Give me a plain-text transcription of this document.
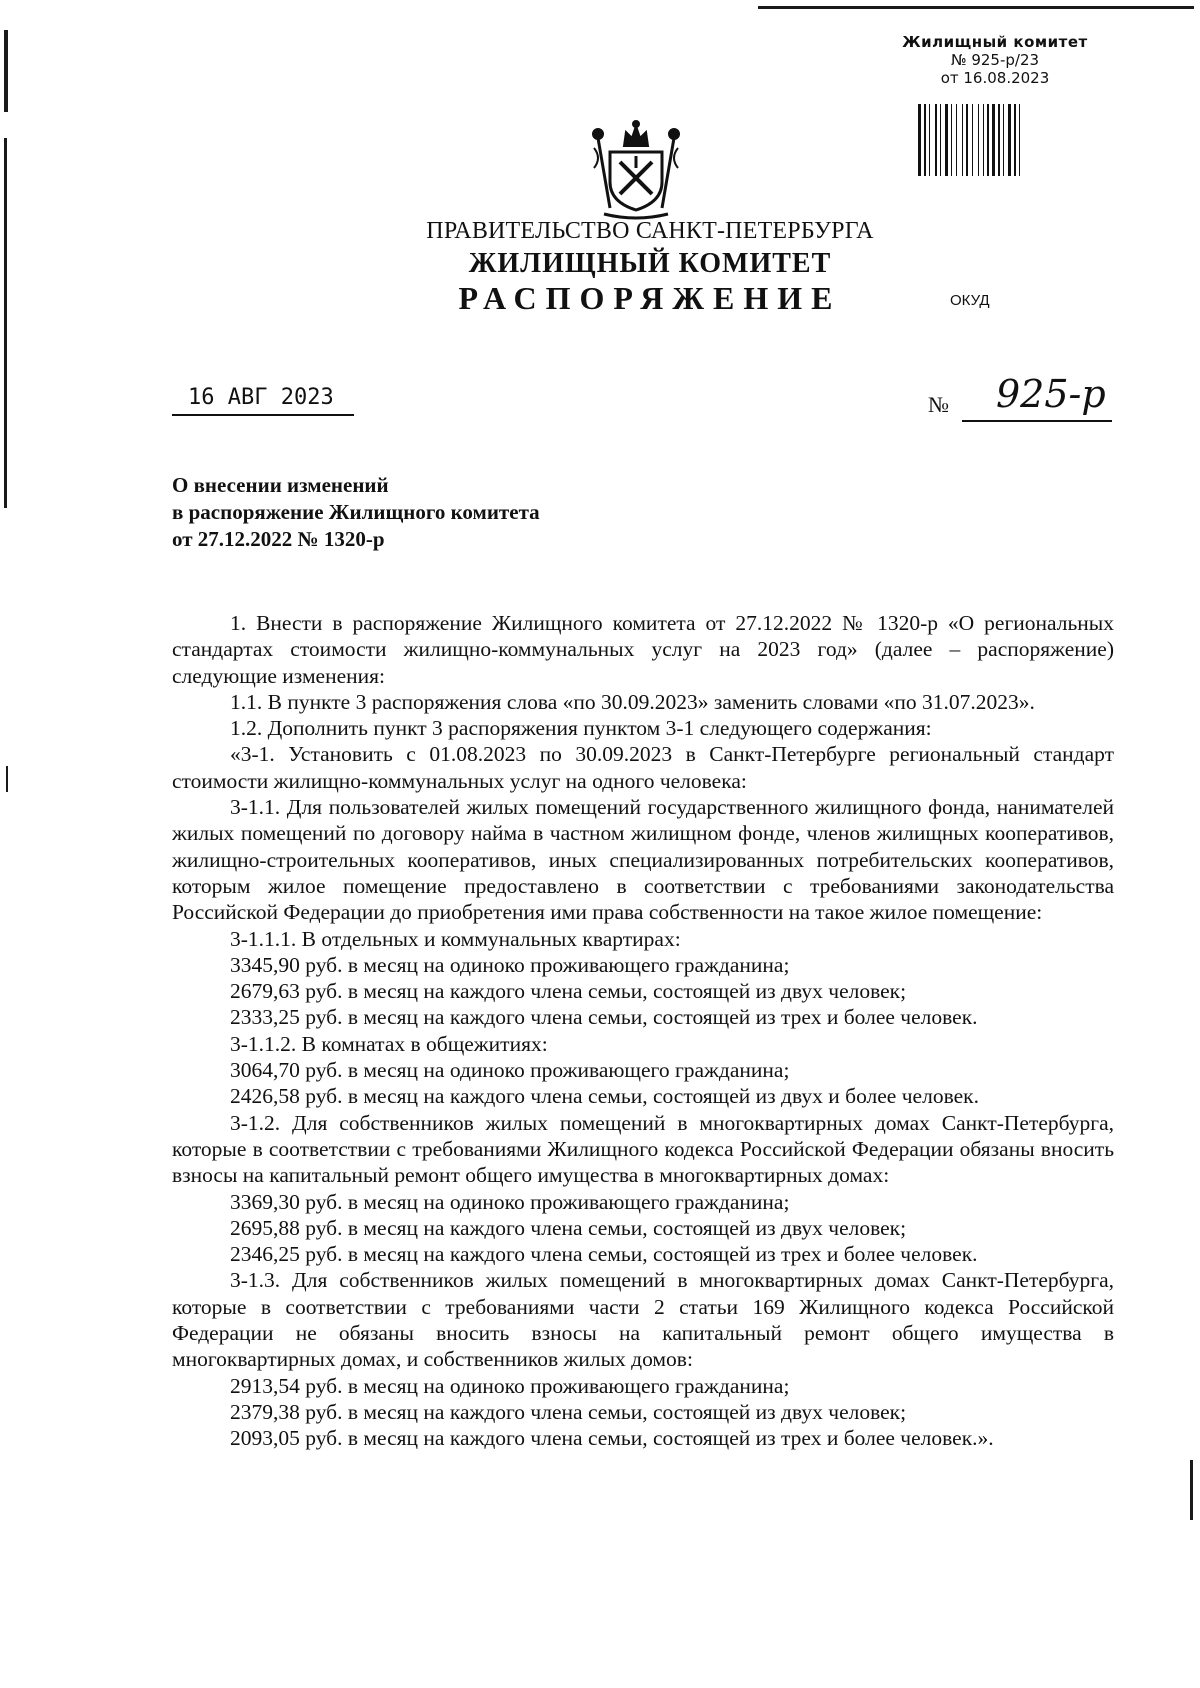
Жилищный комитет
№ 925-р/23
от 16.08.2023
ПРАВИТЕЛЬСТВО САНКТ-ПЕТЕРБУРГА
ЖИЛИЩНЫЙ КОМИТЕТ
РАСПОРЯЖЕНИЕ	ОКУД
16 АВГ 2023	№ 925-р
О внесении изменений
в распоряжение Жилищного комитета
от 27.12.2022 № 1320-р

1. Внести в распоряжение Жилищного комитета от 27.12.2022 № 1320-р «О региональных стандартах стоимости жилищно-коммунальных услуг на 2023 год» (далее – распоряжение) следующие изменения:

1.1. В пункте 3 распоряжения слова «по 30.09.2023» заменить словами «по 31.07.2023».

1.2. Дополнить пункт 3 распоряжения пунктом 3-1 следующего содержания:

«3-1. Установить с 01.08.2023 по 30.09.2023 в Санкт-Петербурге региональный стандарт стоимости жилищно-коммунальных услуг на одного человека:

3-1.1. Для пользователей жилых помещений государственного жилищного фонда, нанимателей жилых помещений по договору найма в частном жилищном фонде, членов жилищных кооперативов, жилищно-строительных кооперативов, иных специализированных потребительских кооперативов, которым жилое помещение предоставлено в соответствии с требованиями законодательства Российской Федерации до приобретения ими права собственности на такое жилое помещение:

3-1.1.1. В отдельных и коммунальных квартирах:

3345,90 руб. в месяц на одиноко проживающего гражданина;

2679,63 руб. в месяц на каждого члена семьи, состоящей из двух человек;

2333,25 руб. в месяц на каждого члена семьи, состоящей из трех и более человек.

3-1.1.2. В комнатах в общежитиях:

3064,70 руб. в месяц на одиноко проживающего гражданина;

2426,58 руб. в месяц на каждого члена семьи, состоящей из двух и более человек.

3-1.2. Для собственников жилых помещений в многоквартирных домах Санкт-Петербурга, которые в соответствии с требованиями Жилищного кодекса Российской Федерации обязаны вносить взносы на капитальный ремонт общего имущества в многоквартирных домах:

3369,30 руб. в месяц на одиноко проживающего гражданина;

2695,88 руб. в месяц на каждого члена семьи, состоящей из двух человек;

2346,25 руб. в месяц на каждого члена семьи, состоящей из трех и более человек.

3-1.3. Для собственников жилых помещений в многоквартирных домах Санкт-Петербурга, которые в соответствии с требованиями части 2 статьи 169 Жилищного кодекса Российской Федерации не обязаны вносить взносы на капитальный ремонт общего имущества в многоквартирных домах, и собственников жилых домов:

2913,54 руб. в месяц на одиноко проживающего гражданина;

2379,38 руб. в месяц на каждого члена семьи, состоящей из двух человек;

2093,05 руб. в месяц на каждого члена семьи, состоящей из трех и более человек.».
